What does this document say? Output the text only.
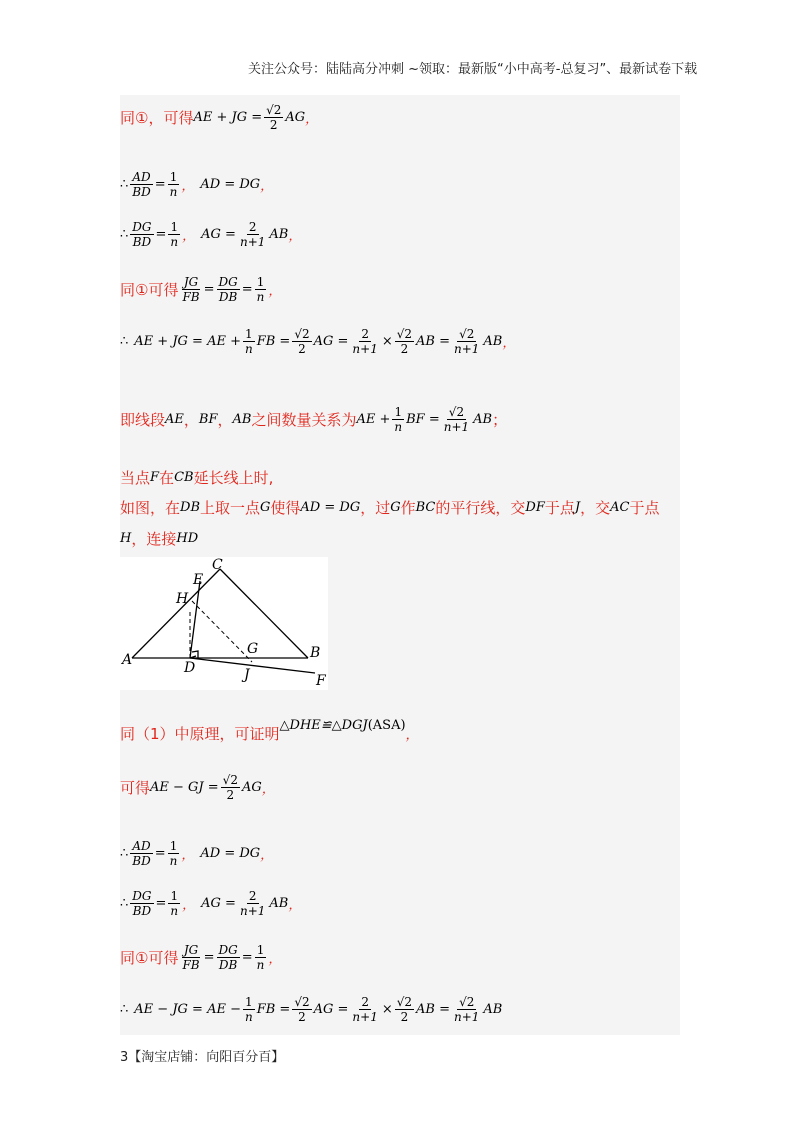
关注公众号：陆陆高分冲刺 ~领取：最新版“小中高考-总复习”、最新试卷下载
同①，可得 AE + JG = $\frac{√2}{2}$ AG ，
∴ $\frac{AD}{BD} = \frac{1}{n}$ ， AD = DG ，
∴ $\frac{DG}{BD} = \frac{1}{n}$ ， AG = $\frac{2}{n+1}$ AB ，
同①可得 $\frac{JG}{FB} = \frac{DG}{DB} = \frac{1}{n}$ ，
∴ AE + JG = AE + $\frac{1}{n}$ FB = $\frac{√2}{2}$ AG = $\frac{2}{n+1} \times \frac{√2}{2}$ AB = $\frac{√2}{n+1}$ AB ，
即线段 AE ， BF ， AB 之间数量关系为 AE + $\frac{1}{n}$ BF = $\frac{√2}{n+1}$ AB ；
当点 F 在 CB 延长线上时,
如图，在 DB 上取一点 G 使得 AD = DG ，过 G 作 BC 的平行线，交 DF 于点 J ，交 AC 于点
H ，连接 HD
A	B
C
D
E
F
G
H
J
同（1）中原理，可证明 △DHE≌△DGJ (ASA)
，
可得 AE − GJ = $\frac{√2}{2}$ AG ，
∴ $\frac{AD}{BD} = \frac{1}{n}$ ， AD = DG ，
∴ $\frac{DG}{BD} = \frac{1}{n}$ ， AG = $\frac{2}{n+1}$ AB ，
同①可得 $\frac{JG}{FB} = \frac{DG}{DB} = \frac{1}{n}$ ，
∴ AE − JG = AE − $\frac{1}{n}$ FB = $\frac{√2}{2}$ AG = $\frac{2}{n+1} \times \frac{√2}{2}$ AB = $\frac{√2}{n+1}$ AB
3【淘宝店铺：向阳百分百】
